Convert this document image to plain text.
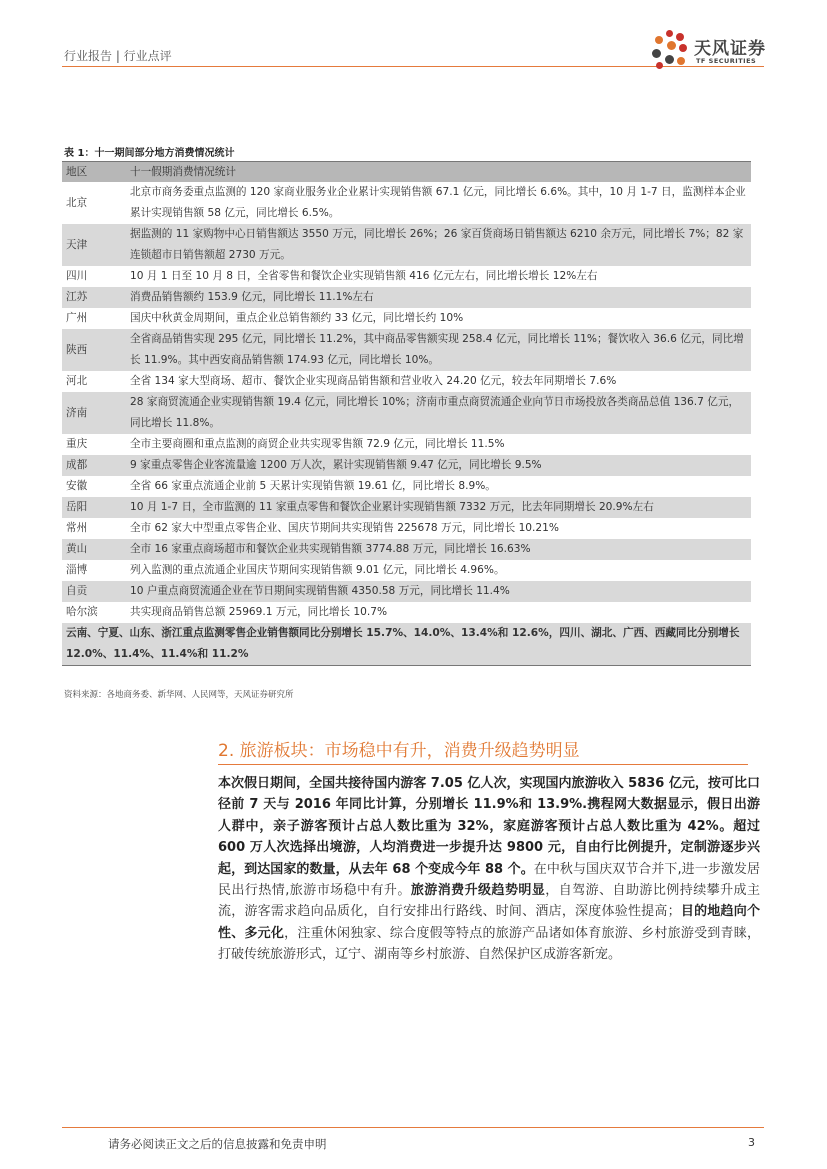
行业报告 | 行业点评	天风证券
TF SECURITIES
表 1：十一期间部分地方消费情况统计
地区	十一假期消费情况统计
北京	北京市商务委重点监测的 120 家商业服务业企业累计实现销售额 67.1 亿元，同比增长 6.6%。其中，10 月 1-7 日，监测样本企业累计实现销售额 58 亿元，同比增长 6.5%。
天津	据监测的 11 家购物中心日销售额达 3550 万元，同比增长 26%；26 家百货商场日销售额达 6210 余万元，同比增长 7%；82 家连锁超市日销售额超 2730 万元。
四川	10 月 1 日至 10 月 8 日，全省零售和餐饮企业实现销售额 416 亿元左右，同比增长增长 12%左右
江苏	消费品销售额约 153.9 亿元，同比增长 11.1%左右
广州	国庆中秋黄金周期间，重点企业总销售额约 33 亿元，同比增长约 10%
陕西	全省商品销售实现 295 亿元，同比增长 11.2%，其中商品零售额实现 258.4 亿元，同比增长 11%；餐饮收入 36.6 亿元，同比增长 11.9%。其中西安商品销售额 174.93 亿元，同比增长 10%。
河北	全省 134 家大型商场、超市、餐饮企业实现商品销售额和营业收入 24.20 亿元，较去年同期增长 7.6%
济南	28 家商贸流通企业实现销售额 19.4 亿元，同比增长 10%；济南市重点商贸流通企业向节日市场投放各类商品总值 136.7 亿元，同比增长 11.8%。
重庆	全市主要商圈和重点监测的商贸企业共实现零售额 72.9 亿元，同比增长 11.5%
成都	9 家重点零售企业客流量逾 1200 万人次，累计实现销售额 9.47 亿元，同比增长 9.5%
安徽	全省 66 家重点流通企业前 5 天累计实现销售额 19.61 亿，同比增长 8.9%。
岳阳	10 月 1-7 日，全市监测的 11 家重点零售和餐饮企业累计实现销售额 7332 万元，比去年同期增长 20.9%左右
常州	全市 62 家大中型重点零售企业、国庆节期间共实现销售 225678 万元，同比增长 10.21%
黄山	全市 16 家重点商场超市和餐饮企业共实现销售额 3774.88 万元，同比增长 16.63%
淄博	列入监测的重点流通企业国庆节期间实现销售额 9.01 亿元，同比增长 4.96%。
自贡	10 户重点商贸流通企业在节日期间实现销售额 4350.58 万元，同比增长 11.4%
哈尔滨	共实现商品销售总额 25969.1 万元，同比增长 10.7%
云南、宁夏、山东、浙江重点监测零售企业销售额同比分别增长 15.7%、14.0%、13.4%和 12.6%，四川、湖北、广西、西藏同比分别增长 12.0%、11.4%、11.4%和 11.2%	
资料来源：各地商务委、新华网、人民网等，天风证券研究所
2. 旅游板块：市场稳中有升，消费升级趋势明显

本次假日期间，全国共接待国内游客 7.05 亿人次，实现国内旅游收入 5836 亿元，按可比口径前 7 天与 2016 年同比计算，分别增长 11.9%和 13.9%.携程网大数据显示，假日出游人群中，亲子游客预计占总人数比重为 32%，家庭游客预计占总人数比重为 42%。超过 600 万人次选择出境游，人均消费进一步提升达 9800 元，自由行比例提升，定制游逐步兴起，到达国家的数量，从去年 68 个变成今年 88 个。在中秋与国庆双节合并下,进一步激发居民出行热情,旅游市场稳中有升。旅游消费升级趋势明显，自驾游、自助游比例持续攀升成主流，游客需求趋向品质化，自行安排出行路线、时间、酒店，深度体验性提高；目的地趋向个性、多元化，注重休闲独家、综合度假等特点的旅游产品诸如体育旅游、乡村旅游受到青睐，打破传统旅游形式，辽宁、湖南等乡村旅游、自然保护区成游客新宠。

请务必阅读正文之后的信息披露和免责申明	3
